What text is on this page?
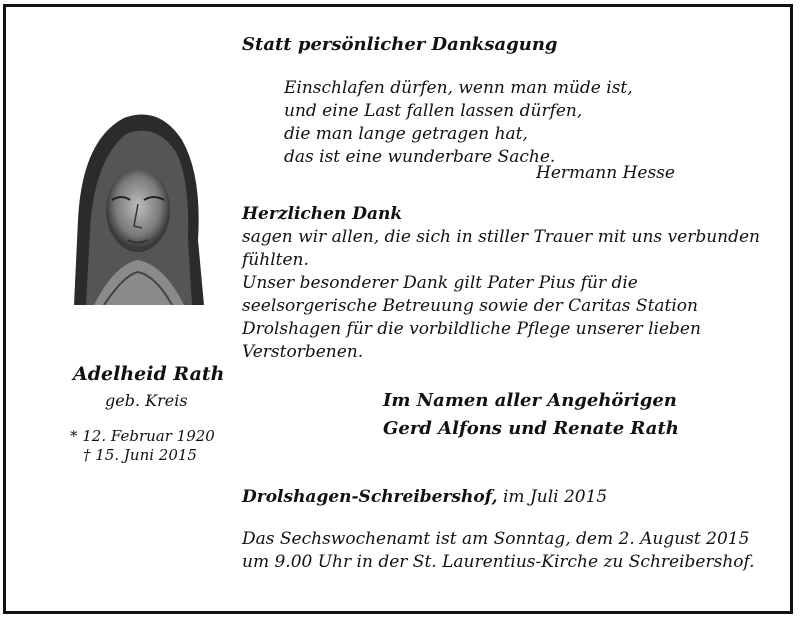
Statt persönlicher Danksagung
Einschlafen dürfen, wenn man müde ist,
und eine Last fallen lassen dürfen,
die man lange getragen hat,
das ist eine wunderbare Sache.
Hermann Hesse
Herzlichen Dank
sagen wir allen, die sich in stiller Trauer mit uns verbunden
fühlten.
Unser besonderer Dank gilt Pater Pius für die
seelsorgerische Betreuung sowie der Caritas Station
Drolshagen für die vorbildliche Pflege unserer lieben
Verstorbenen.
Adelheid Rath
geb. Kreis
* 12. Februar 1920
† 15. Juni 2015
Im Namen aller Angehörigen
Gerd Alfons und Renate Rath
Drolshagen-Schreibershof, im Juli 2015
Das Sechswochenamt ist am Sonntag, dem 2. August 2015
um 9.00 Uhr in der St. Laurentius-Kirche zu Schreibershof.
